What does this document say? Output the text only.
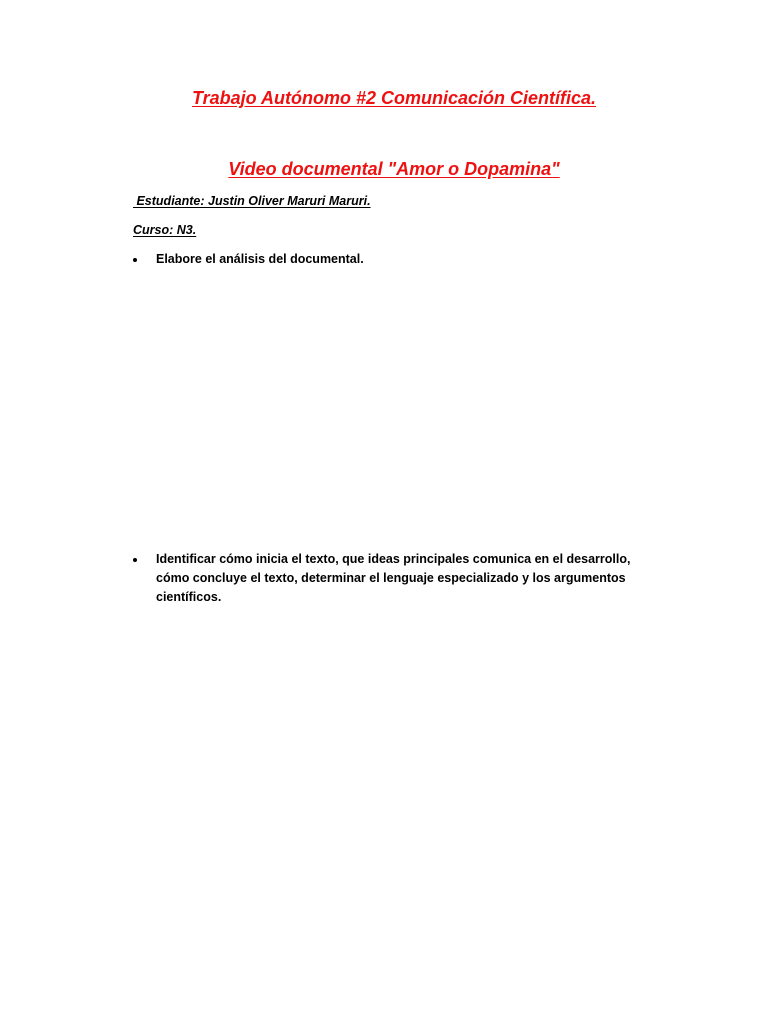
Trabajo Autónomo #2 Comunicación Científica.
Video documental "Amor o Dopamina"
Estudiante: Justin Oliver Maruri Maruri.
Curso: N3.
Elabore el análisis del documental.
Identificar cómo inicia el texto, que ideas principales comunica en el desarrollo, cómo concluye el texto, determinar el lenguaje especializado y los argumentos científicos.
